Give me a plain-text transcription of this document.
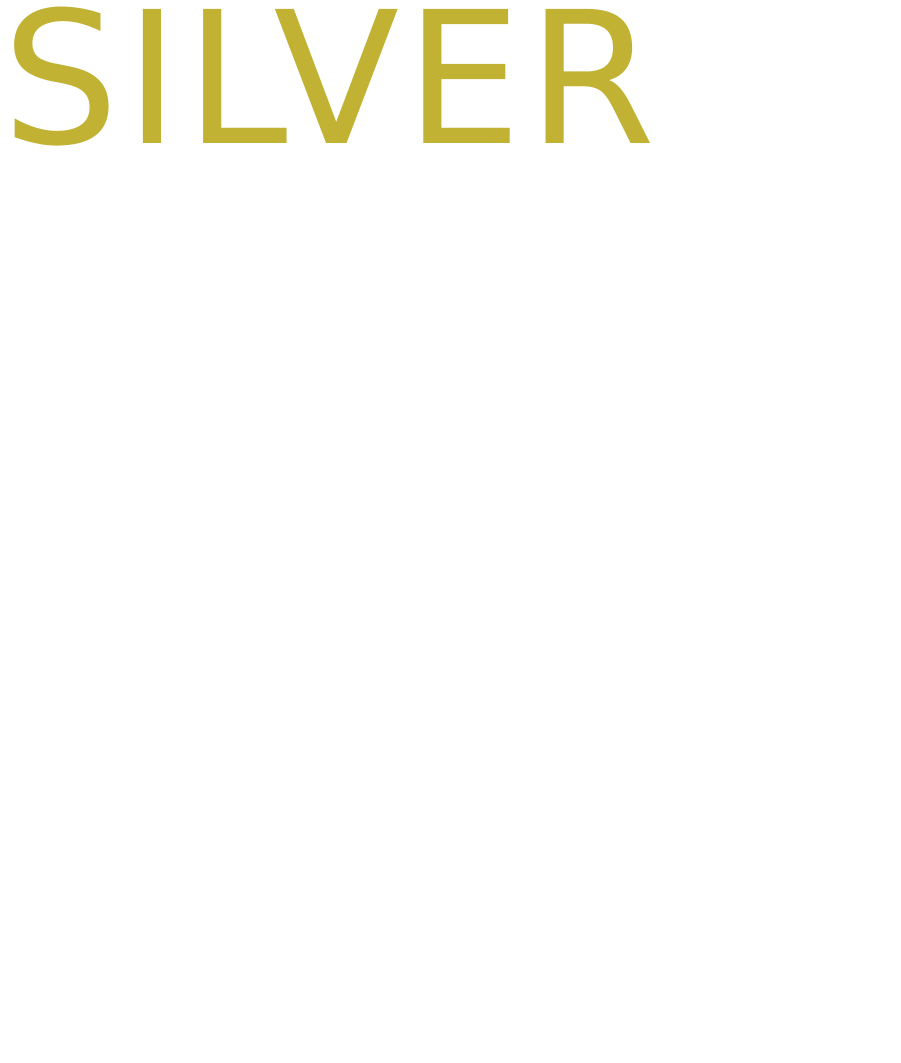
SILVER
